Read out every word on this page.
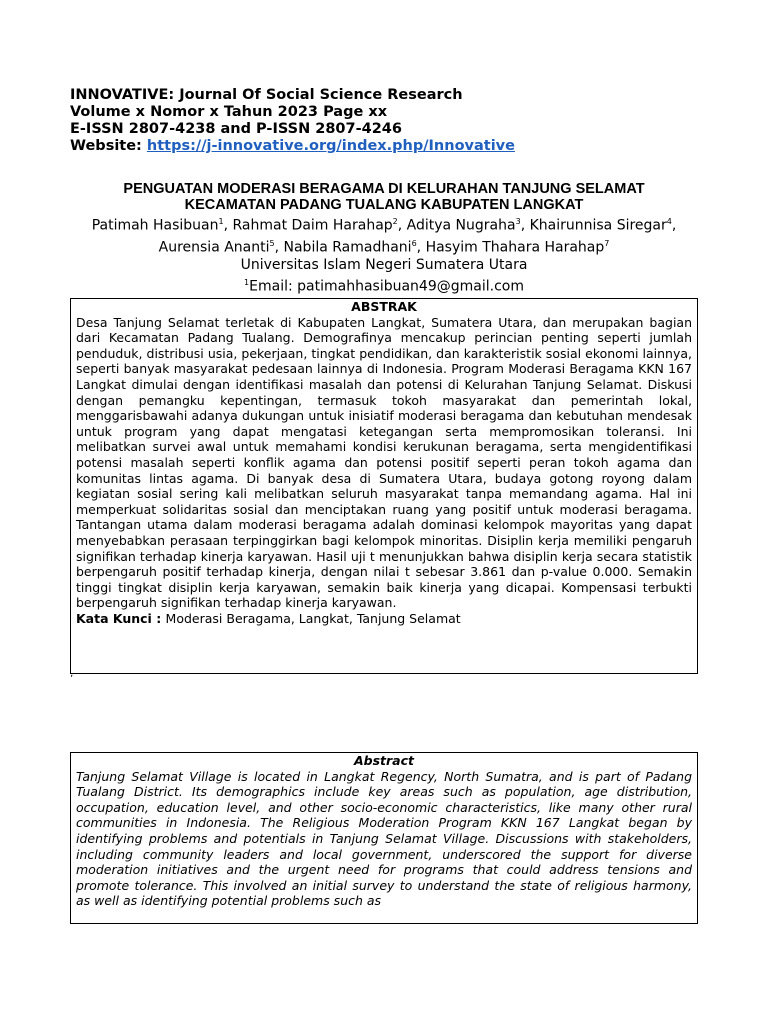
INNOVATIVE: Journal Of Social Science Research
Volume x Nomor x Tahun 2023 Page xx
E-ISSN 2807-4238 and P-ISSN 2807-4246
Website: https://j-innovative.org/index.php/Innovative
PENGUATAN MODERASI BERAGAMA DI KELURAHAN TANJUNG SELAMAT
KECAMATAN PADANG TUALANG KABUPATEN LANGKAT
Patimah Hasibuan$^1$, Rahmat Daim Harahap$^2$, Aditya Nugraha$^3$, Khairunnisa Siregar$^4$, Aurensia Ananti$^5$, Nabila Ramadhani$^6$, Hasyim Thahara Harahap$^7$
Universitas Islam Negeri Sumatera Utara
$^1$Email: patimahhasibuan49@gmail.com
ABSTRAK
Desa Tanjung Selamat terletak di Kabupaten Langkat, Sumatera Utara, dan merupakan bagian dari Kecamatan Padang Tualang. Demografinya mencakup perincian penting seperti jumlah penduduk, distribusi usia, pekerjaan, tingkat pendidikan, dan karakteristik sosial ekonomi lainnya, seperti banyak masyarakat pedesaan lainnya di Indonesia. Program Moderasi Beragama KKN 167 Langkat dimulai dengan identifikasi masalah dan potensi di Kelurahan Tanjung Selamat. Diskusi dengan pemangku kepentingan, termasuk tokoh masyarakat dan pemerintah lokal, menggarisbawahi adanya dukungan untuk inisiatif moderasi beragama dan kebutuhan mendesak untuk program yang dapat mengatasi ketegangan serta mempromosikan toleransi. Ini melibatkan survei awal untuk memahami kondisi kerukunan beragama, serta mengidentifikasi potensi masalah seperti konflik agama dan potensi positif seperti peran tokoh agama dan komunitas lintas agama. Di banyak desa di Sumatera Utara, budaya gotong royong dalam kegiatan sosial sering kali melibatkan seluruh masyarakat tanpa memandang agama. Hal ini memperkuat solidaritas sosial dan menciptakan ruang yang positif untuk moderasi beragama. Tantangan utama dalam moderasi beragama adalah dominasi kelompok mayoritas yang dapat menyebabkan perasaan terpinggirkan bagi kelompok minoritas. Disiplin kerja memiliki pengaruh signifikan terhadap kinerja karyawan. Hasil uji t menunjukkan bahwa disiplin kerja secara statistik berpengaruh positif terhadap kinerja, dengan nilai t sebesar 3.861 dan p-value 0.000. Semakin tinggi tingkat disiplin kerja karyawan, semakin baik kinerja yang dicapai. Kompensasi terbukti berpengaruh signifikan terhadap kinerja karyawan.
Kata Kunci : Moderasi Beragama, Langkat, Tanjung Selamat
ʼ
Abstract
Tanjung Selamat Village is located in Langkat Regency, North Sumatra, and is part of Padang Tualang District. Its demographics include key areas such as population, age distribution, occupation, education level, and other socio-economic characteristics, like many other rural communities in Indonesia. The Religious Moderation Program KKN 167 Langkat began by identifying problems and potentials in Tanjung Selamat Village. Discussions with stakeholders, including community leaders and local government, underscored the support for diverse moderation initiatives and the urgent need for programs that could address tensions and promote tolerance. This involved an initial survey to understand the state of religious harmony, as well as identifying potential problems such as
